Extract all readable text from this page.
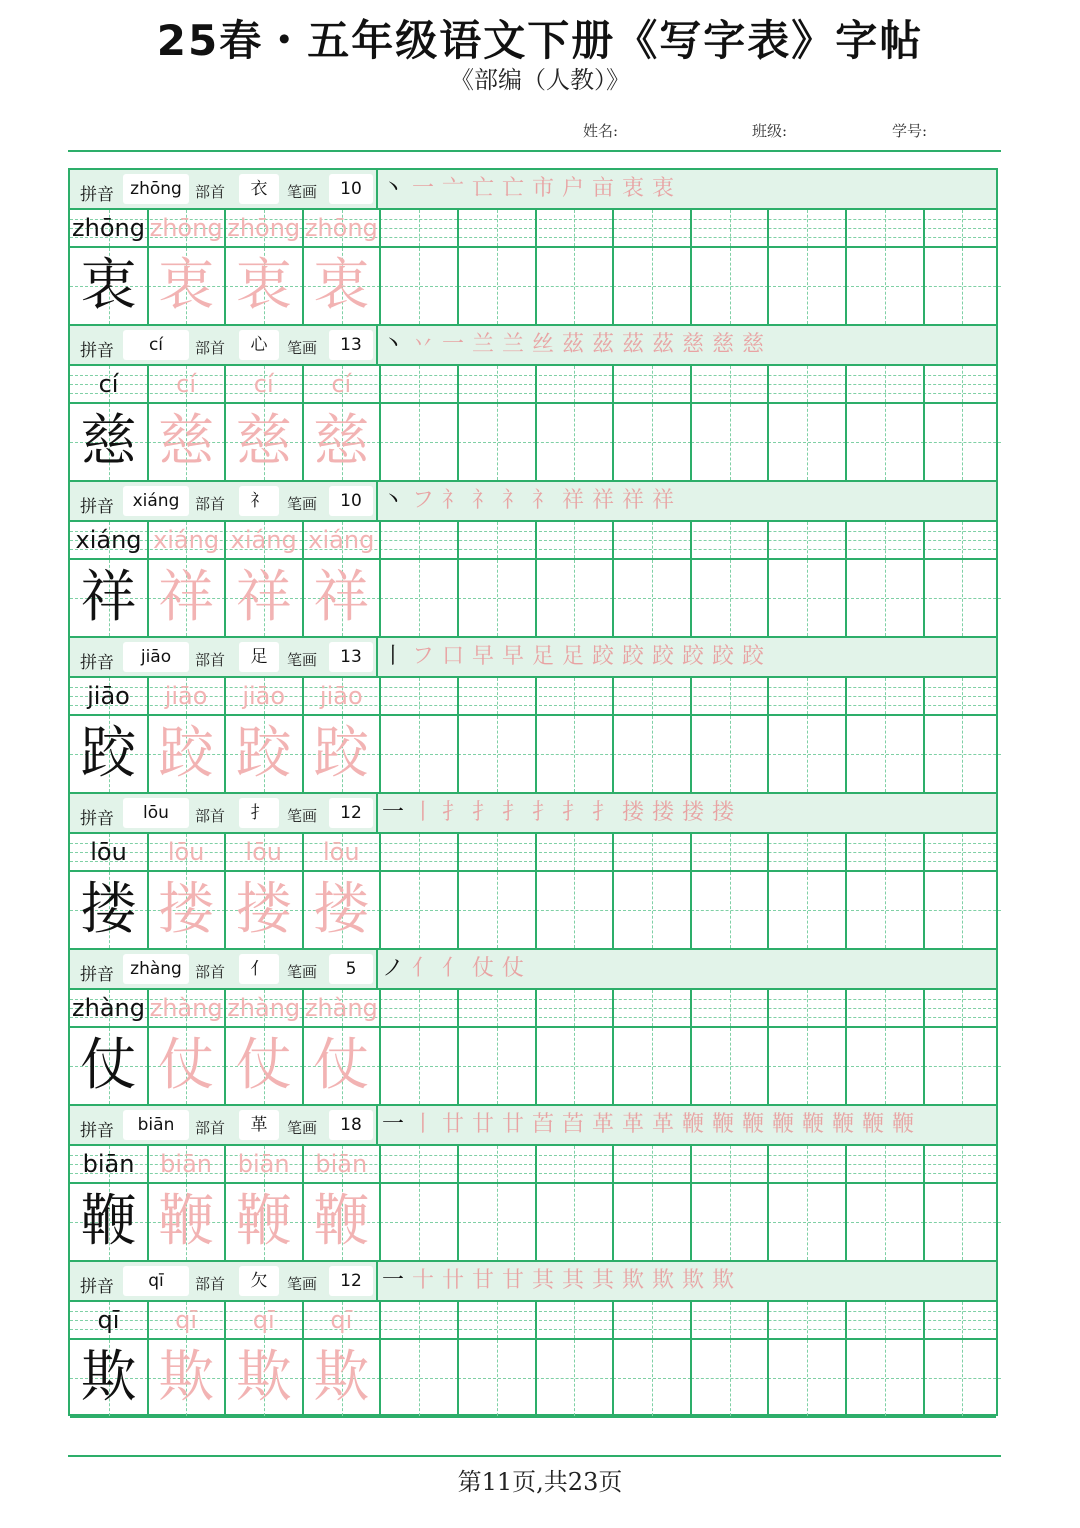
25春・五年级语文下册《写字表》字帖
《部编（人教）》
姓名:	班级:	学号:
拼音 zhōng 部首	衣	笔画	10 丶一亠亡亡市户亩衷衷
zhōng zhōng zhōng zhōng
衷 衷 衷 衷
拼音	cí	部首	心	笔画	13 丶丷一兰兰丝茲茲茲茲慈慈慈
cí	cí	cí	cí
慈 慈 慈 慈
拼音	xiáng	部首	礻	笔画	10 丶フ礻礻礻礻祥祥祥祥
xiáng xiáng xiáng xiáng
祥 祥 祥 祥
拼音	jiāo	部首	足	笔画	13 丨フ口早早足足跤跤跤跤跤跤
jiāo	jiāo	jiāo	jiāo
跤 跤 跤 跤
拼音	lōu	部首	扌	笔画	12 一丨扌扌扌扌扌扌搂搂搂搂
lōu	lōu	lōu	lōu
搂 搂 搂 搂
拼音 zhàng 部首	亻	笔画	5	ノ亻亻仗仗
zhàng zhàng zhàng zhàng
仗 仗 仗 仗
拼音	biān	部首	革	笔画	18 一丨廿廿廿苩苩革革革鞭鞭鞭鞭鞭鞭鞭鞭
biān	biān	biān	biān
鞭 鞭 鞭 鞭
拼音	qī	部首	欠	笔画	12 一十卄甘甘其其其欺欺欺欺
qī	qī	qī	qī
欺 欺 欺 欺
第11页,共23页
